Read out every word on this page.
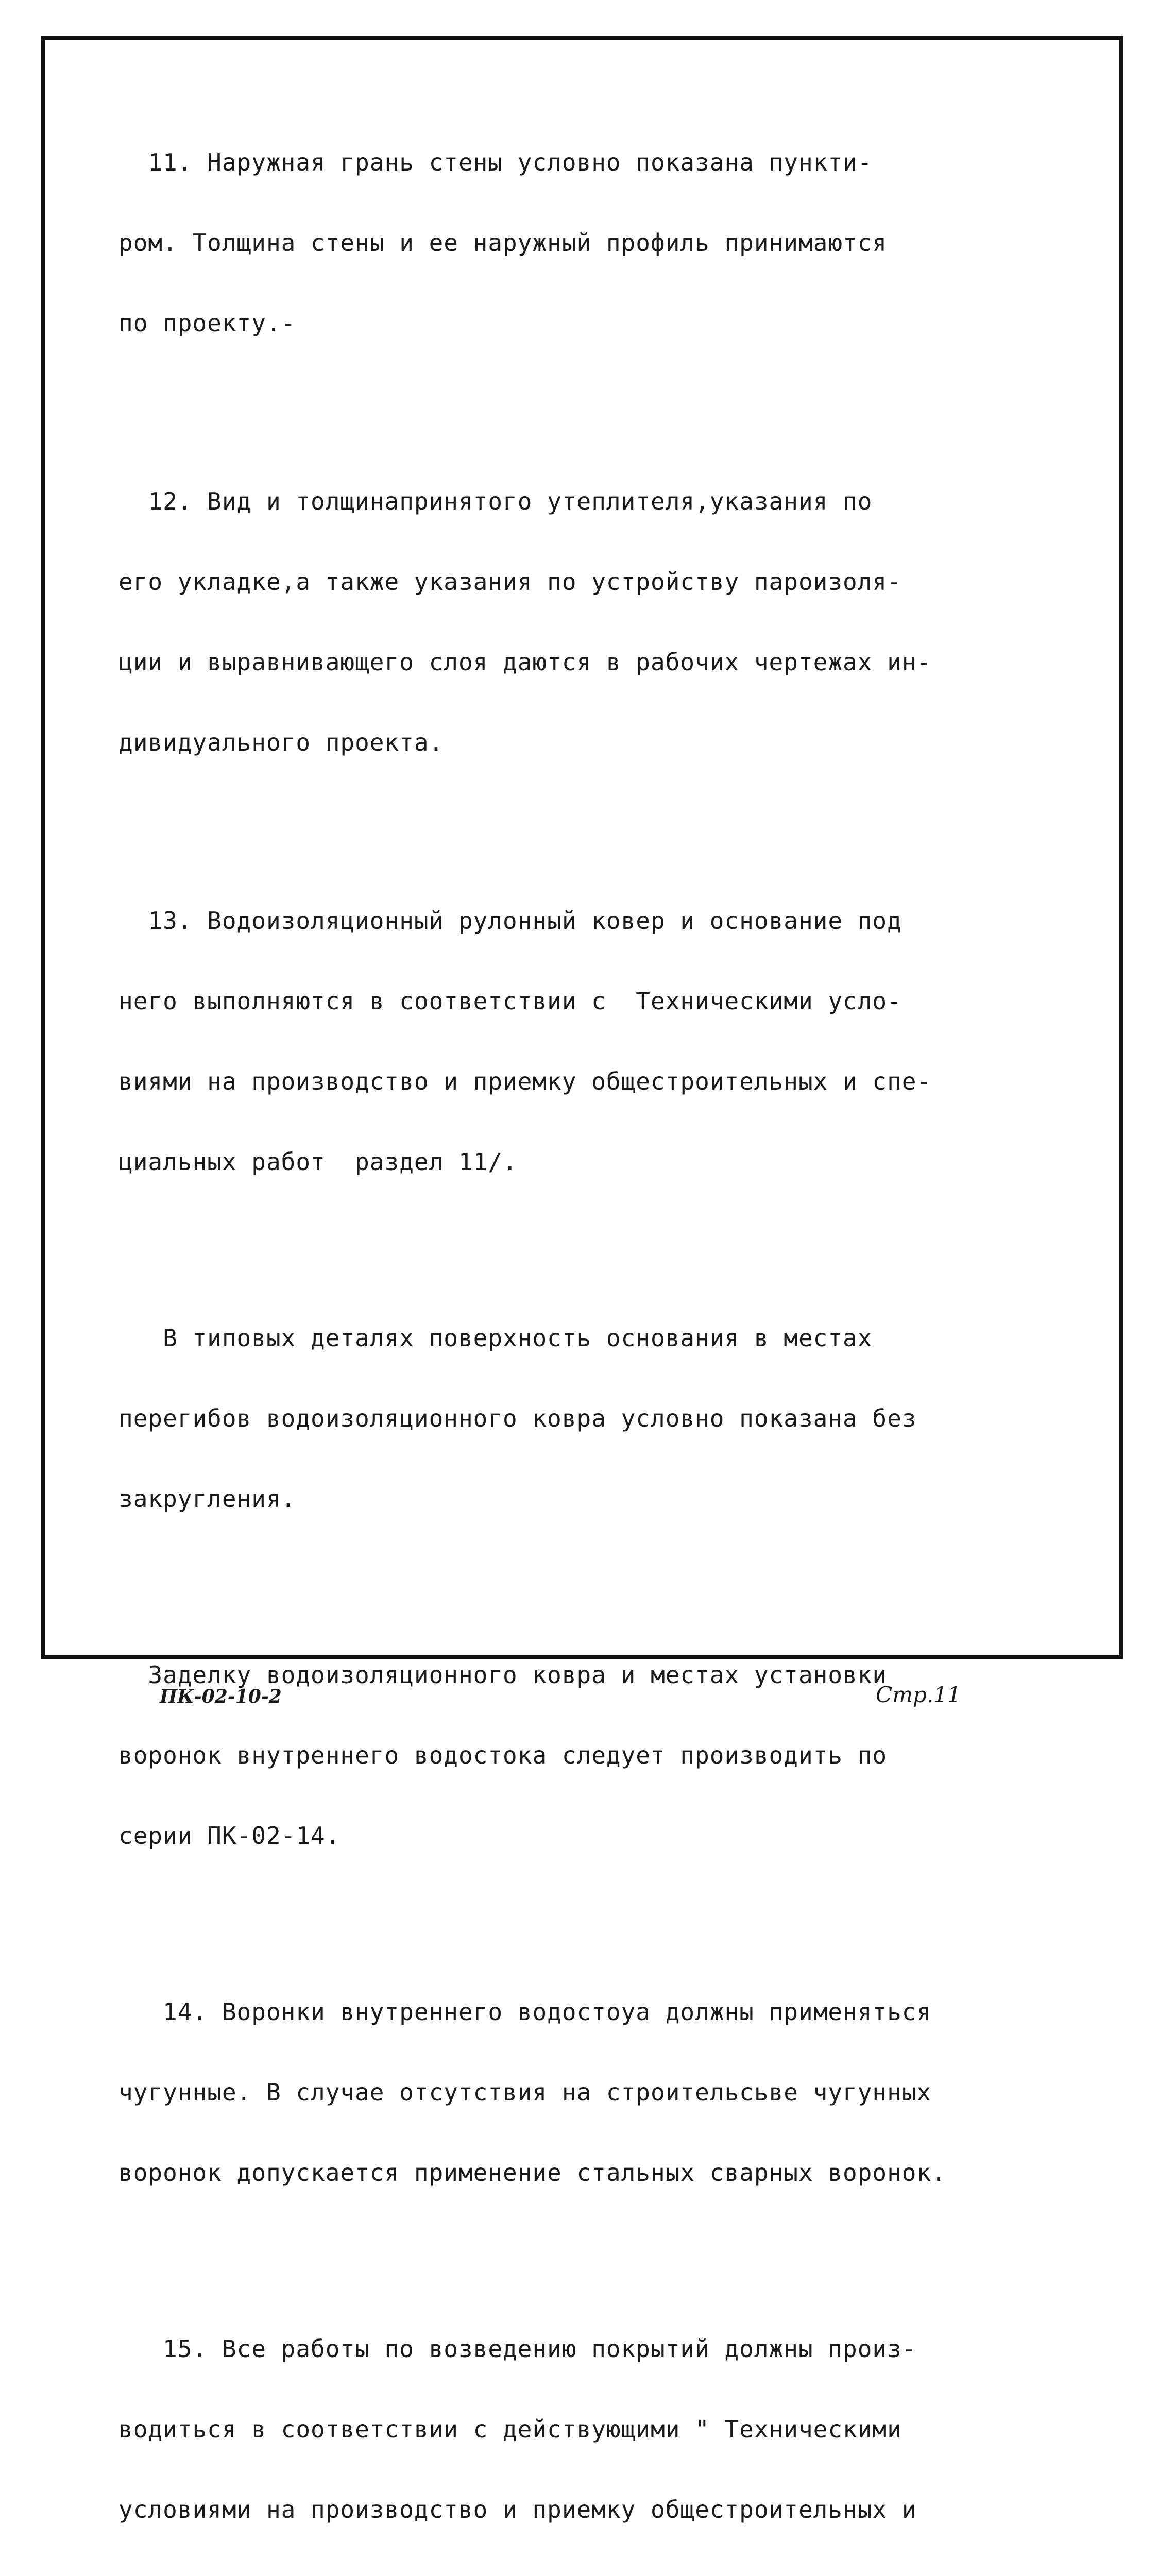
11. Наружная грань стены условно показана пункти-

ром. Толщина стены и ее наружный профиль принимаются

по проекту.-

12. Вид и толщинапринятого утеплителя,указания по

его укладке,а также указания по устройству пароизоля-

ции и выравнивающего слоя даются в рабочих чертежах ин-

дивидуального проекта.

13. Водоизоляционный рулонный ковер и основание под

него выполняются в соответствии с  Техническими усло-

виями на производство и приемку общестроительных и спе-

циальных работ  раздел 11/.

В типовых деталях поверхность основания в местах

перегибов водоизоляционного ковра условно показана без

закругления.

Заделку водоизоляционного ковра и местах установки

воронок внутреннего водостока следует производить по

серии ПК-02-14.

14. Воронки внутреннего водостоуа должны применяться

чугунные. В случае отсутствия на строительсьве чугунных

воронок допускается применение стальных сварных воронок.

15. Все работы по возведению покрытий должны произ-

водиться в соответствии с действующими " Техническими

условиями на производство и приемку общестроительных и

ПК-02-10-2	Стр.11
